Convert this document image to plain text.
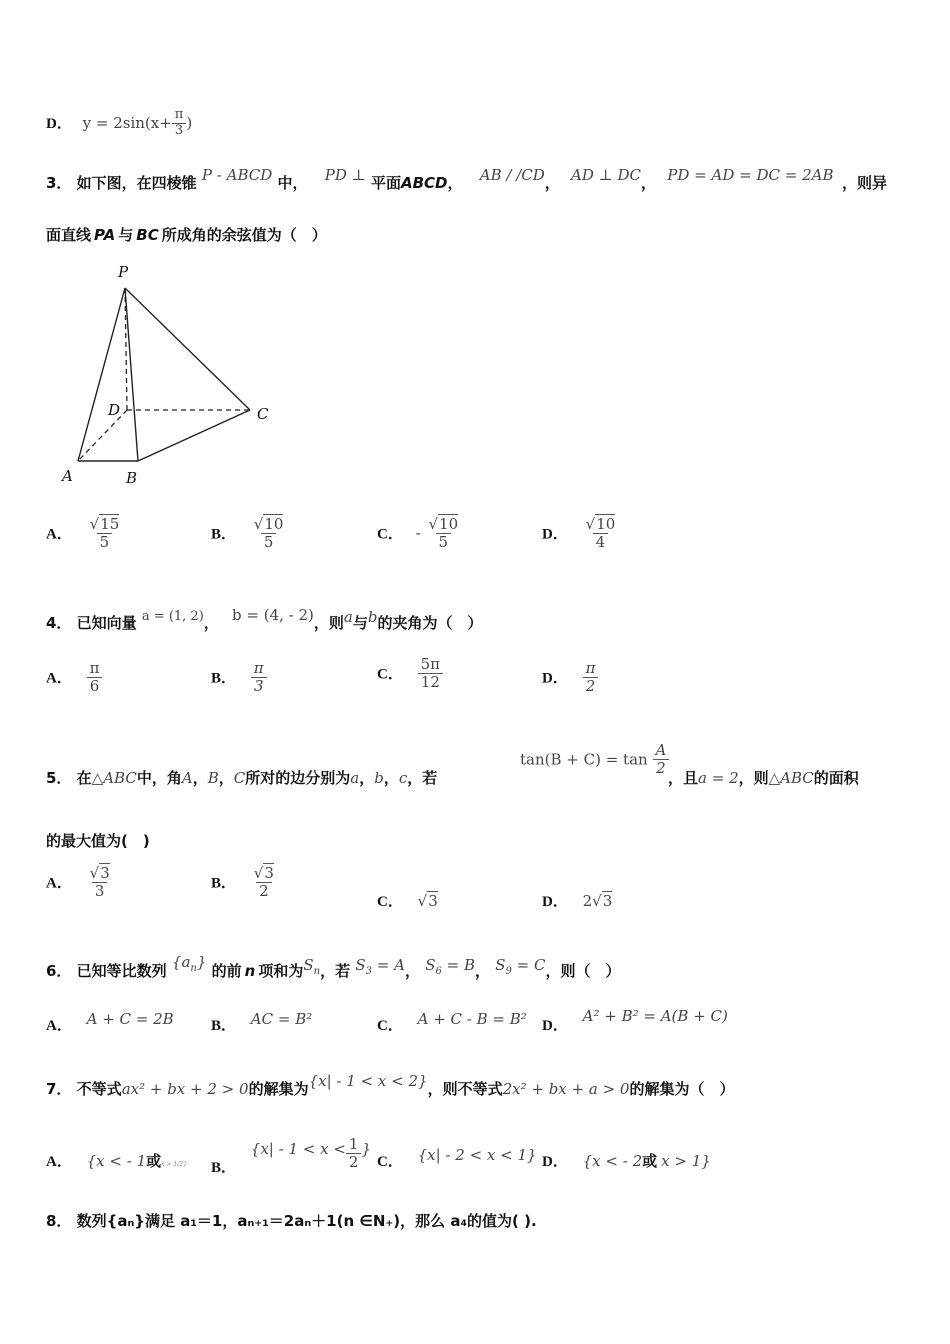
D． $y = 2\sin(x+ \frac{\pi}{3}$ )
3． 如下图，在四棱锥 P - ABCD 中， PD ⊥ 平面ABCD， AB / /CD， AD ⊥ DC， PD = AD = DC = 2AB ，则异
面直线 PA 与 BC 所成角的余弦值为（　）
P
D	C
A	B
A． $\frac{√15}{5}$	B． $\frac{√10}{5}$	C． - $\frac{√10}{5}$	D． $\frac{√10}{4}$
4． 已知向量 a = (1, 2)， b = (4, - 2)，则a与b的夹角为（　）
A． $\frac{\pi}{6}$	B． $\frac{\pi}{3}$	C． $\frac{5\pi}{12}$	D． $\frac{\pi}{2}$
5． 在△ABC中，角A，B，C所对的边分别为a，b，c，若
$\tan(B + C) = \tan \frac{A}{2}$
，且a = 2，则△ABC的面积
的最大值为(　)
A． $\frac{√3}{3}$	B． $\frac{√3}{2}$
C． √3	D． 2√3
6． 已知等比数列 $\{a_n\}$ 的前 n 项和为$S_n$，若 $S_3 = A$， $S_6 = B$， $S_9 = C$，则（　）
A． A + C = 2B B． AC = B²	C． A + C - B = B² D． A² + B² = A(B + C)
7． 不等式ax² + bx + 2 > 0的解集为{x| - 1 < x < 2}，则不等式2x² + bx + a > 0的解集为（　）
A． {x < - 1或x > 1/2} B． {$x| - 1 < x < \frac{1}{2}$ }
C． {x| - 2 < x < 1} D． {x < - 2或 x > 1}
8． 数列{aₙ}满足 a₁＝1，aₙ₊₁＝2aₙ＋1(n ∈N₊)，那么 a₄的值为( ).
